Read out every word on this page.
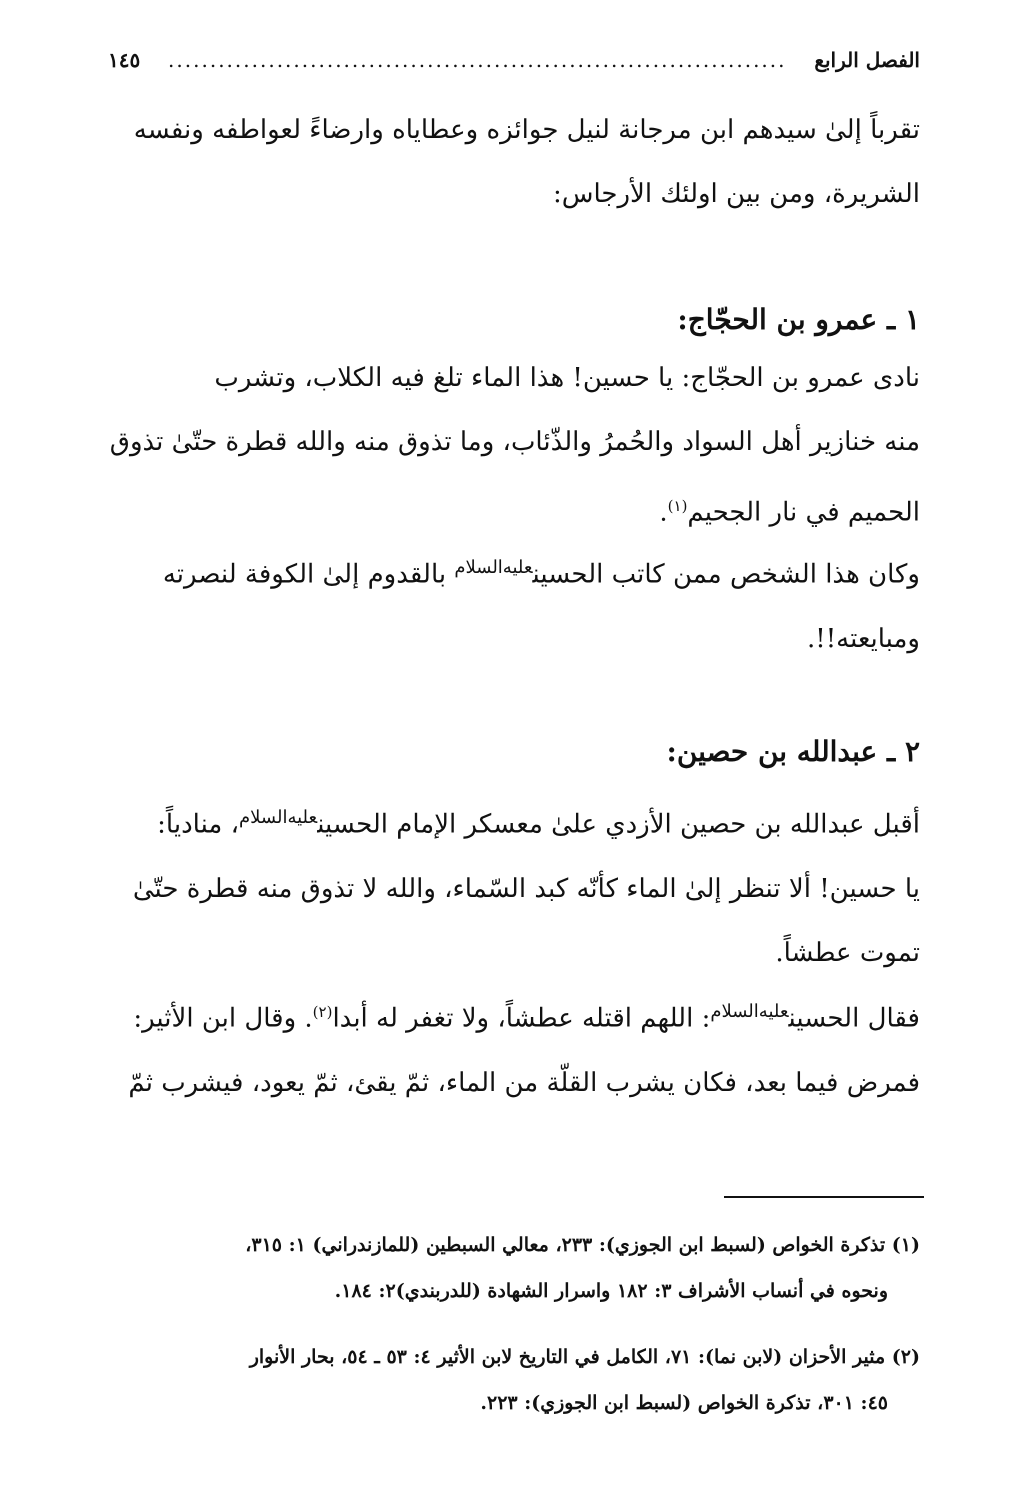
الفصل الرابع
..........................................................................
١٤٥
تقرباً إلىٰ سيدهم ابن مرجانة لنيل جوائزه وعطاياه وارضاءً لعواطفه ونفسه
الشريرة، ومن بين اولئك الأرجاس:
١ ـ عمرو بن الحجّاج:
نادى عمرو بن الحجّاج: يا حسين! هذا الماء تلغ فيه الكلاب، وتشرب
منه خنازير أهل السواد والحُمرُ والذّئاب، وما تذوق منه والله قطرة حتّىٰ تذوق
الحميم في نار الجحيم$^{(١)}$.
وكان هذا الشخص ممن كاتب الحسين$^{عليه‌السلام}$ بالقدوم إلىٰ الكوفة لنصرته
ومبايعته!!.
٢ ـ عبدالله بن حصين:
أقبل عبدالله بن حصين الأزدي علىٰ معسكر الإمام الحسين$^{عليه‌السلام}$، منادياً:
يا حسين! ألا تنظر إلىٰ الماء كأنّه كبد السّماء، والله لا تذوق منه قطرة حتّىٰ
تموت عطشاً.
فقال الحسين$^{عليه‌السلام}$: اللهم اقتله عطشاً، ولا تغفر له أبدا$^{(٢)}$. وقال ابن الأثير:
فمرض فيما بعد، فكان يشرب القلّة من الماء، ثمّ يقئ، ثمّ يعود، فيشرب ثمّ
(١) تذكرة الخواص (لسبط ابن الجوزي): ٢٣٣، معالي السبطين (للمازندراني) ١: ٣١٥،
ونحوه في أنساب الأشراف ٣: ١٨٢ واسرار الشهادة (للدربندي)٢: ١٨٤.
(٢) مثير الأحزان (لابن نما): ٧١، الكامل في التاريخ لابن الأثير ٤: ٥٣ ـ ٥٤، بحار الأنوار
٤٥: ٣٠١، تذكرة الخواص (لسبط ابن الجوزي): ٢٢٣.
